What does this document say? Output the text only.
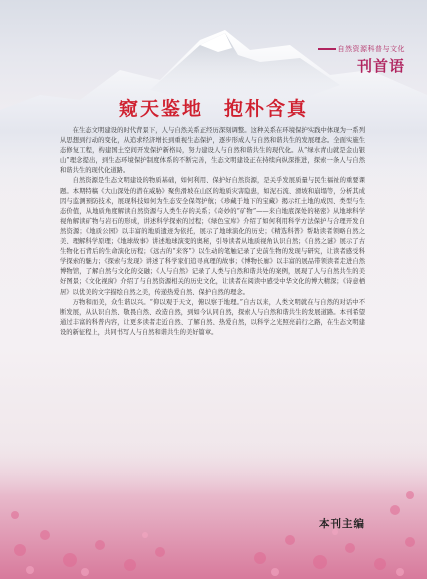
自然资源科普与文化
刊首语
窥天鉴地　抱朴含真

在生态文明建设的时代背景下，人与自然关系正经历深刻调整。这种关系在环境保护实践中体现为一系列从思想到行动的变化，从追求经济增长到重视生态保护，逐步形成人与自然和谐共生的发展理念。全面实施生态修复工程，构建国土空间开发保护新格局，努力建设人与自然和谐共生的现代化。从“绿水青山就是金山银山”理念提出，到生态环境保护制度体系的不断完善，生态文明建设正在持续向纵深推进，探索一条人与自然和谐共生的现代化道路。

自然资源是生态文明建设的物质基础，如何利用、保护好自然资源，是关乎发展质量与民生福祉的重要课题。本期特稿《大山深处的潜在威胁》聚焦滑坡在山区的地质灾害隐患，如泥石流、滑坡和崩塌等，分析其成因与监测预防技术，展现科技如何为生态安全保驾护航；《珍藏于地下的宝藏》揭示红土地的成因、类型与生态价值，从地质角度解读自然资源与人类生存的关系；《奇妙的“矿物”——来自地底深处的秘密》从地球科学视角解读矿物与岩石的形成，讲述科学探索的过程；《绿色宝库》介绍了如何利用科学方法保护与合理开发自然资源；《地质公园》以丰富的地质遗迹为依托，展示了地球演化的历史；《精选科普》帮助读者领略自然之美、理解科学原理；《地球故事》讲述地球演变的奥秘，引导读者从地质视角认识自然；《自然之谜》展示了古生物化石背后的生命演化历程；《远古的“来客”》以生动的笔触记录了史前生物的发现与研究，让读者感受科学探索的魅力；《探索与发现》讲述了科学家们追寻真理的故事；《博物长廊》以丰富的展品带领读者走进自然博物馆，了解自然与文化的交融；《人与自然》记录了人类与自然和谐共处的案例，展现了人与自然共生的美好图景；《文化视窗》介绍了与自然资源相关的历史文化，让读者在阅读中感受中华文化的博大精深；《诗意栖居》以优美的文字描绘自然之美，传递热爱自然、保护自然的理念。

万物和而美，众生谐以兴。“仰以观于天文，俯以察于地理。”自古以来，人类文明就在与自然的对话中不断发展，从认识自然、敬畏自然、改造自然，到如今认同自然，探索人与自然和谐共生的发展道路。本刊希望通过丰富的科普内容，让更多读者走近自然、了解自然、热爱自然，以科学之光照亮前行之路，在生态文明建设的新征程上，共同书写人与自然和谐共生的美好篇章。

本刊主编
